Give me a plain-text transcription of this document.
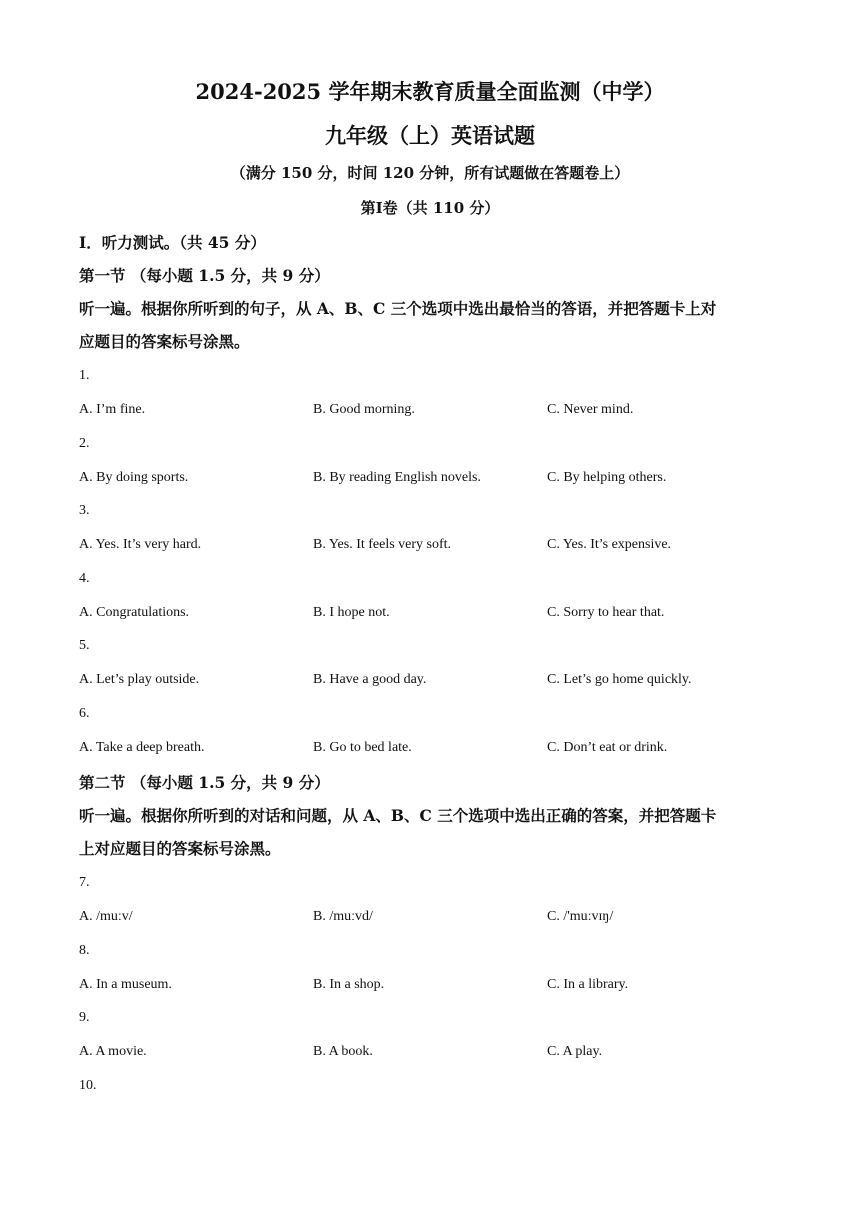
2024-2025 学年期末教育质量全面监测（中学）
九年级（上）英语试题
（满分 150 分，时间 120 分钟，所有试题做在答题卷上）
第Ⅰ卷（共 110 分）
Ⅰ．听力测试。（共 45 分）
第一节 （每小题 1.5 分，共 9 分）
听一遍。根据你所听到的句子，从 A、B、C 三个选项中选出最恰当的答语，并把答题卡上对
应题目的答案标号涂黑。
1.
A. I’m fine.	B. Good morning.	C. Never mind.
2.
A. By doing sports.	B. By reading English novels.	C. By helping others.
3.
A. Yes. It’s very hard.	B. Yes. It feels very soft.	C. Yes. It’s expensive.
4.
A. Congratulations.	B. I hope not.	C. Sorry to hear that.
5.
A. Let’s play outside.	B. Have a good day.	C. Let’s go home quickly.
6.
A. Take a deep breath.	B. Go to bed late.	C. Don’t eat or drink.
第二节 （每小题 1.5 分，共 9 分）
听一遍。根据你所听到的对话和问题，从 A、B、C 三个选项中选出正确的答案，并把答题卡
上对应题目的答案标号涂黑。
7.
A. /muːv/	B. /muːvd/	C. /'muːvɪŋ/
8.
A. In a museum.	B. In a shop.	C. In a library.
9.
A. A movie.	B. A book.	C. A play.
10.
